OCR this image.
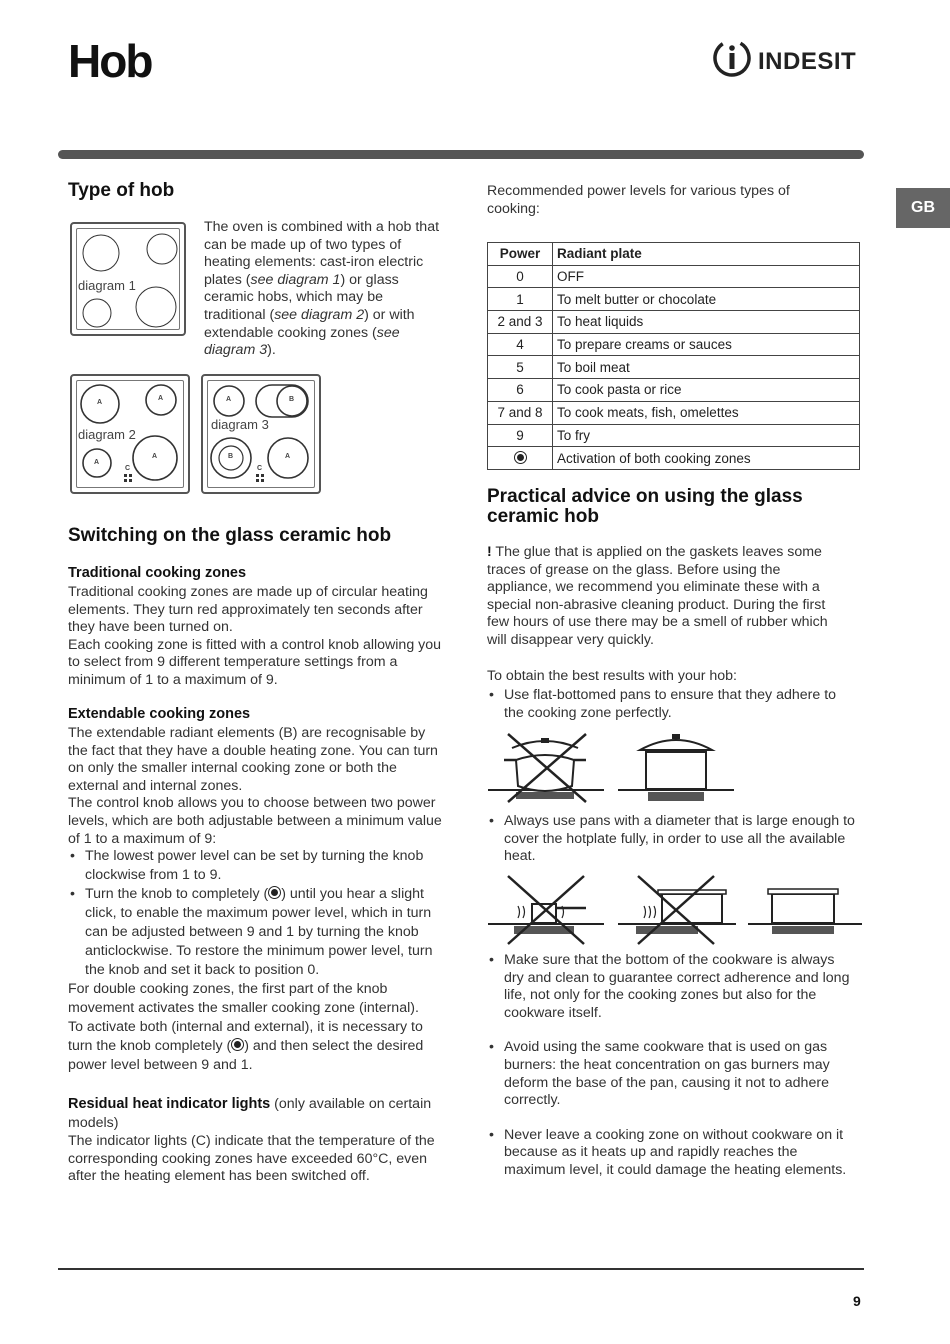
Hob	INDESIT
GB
Type of hob
diagram 1
A
A
A
A
C
diagram 2
A	B
B	A
C
diagram 3
The oven is combined with a hob that can be made up of two types of heating elements: cast-iron electric plates (see diagram 1) or glass ceramic hobs, which may be traditional (see diagram 2) or with extendable cooking zones (see diagram 3).
Switching on the glass ceramic hob
Traditional cooking zones
Traditional cooking zones are made up of circular heating elements. They turn red approximately ten seconds after they have been turned on.
Each cooking zone is fitted with a control knob allowing you to select from 9 different temperature settings from a minimum of 1 to a maximum of 9.
Extendable cooking zones
The extendable radiant elements (B) are recognisable by the fact that they have a double heating zone. You can turn on only the smaller internal cooking zone or both the external and internal zones.
The control knob allows you to choose between two power levels, which are both adjustable between a minimum value of 1 to a maximum of 9:
• The lowest power level can be set by turning the knob clockwise from 1 to 9.
• Turn the knob to completely ( ) until you hear a slight click, to enable the maximum power level, which in turn can be adjusted between 9 and 1 by turning the knob anticlockwise. To restore the minimum power level, turn the knob and set it back to position 0.
For double cooking zones, the first part of the knob movement activates the smaller cooking zone (internal).
To activate both (internal and external), it is necessary to turn the knob completely ( ) and then select the desired power level between 9 and 1.
Residual heat indicator lights (only available on certain models)
The indicator lights (C) indicate that the temperature of the corresponding cooking zones have exceeded 60°C, even after the heating element has been switched off.
Recommended power levels for various types of cooking:
Power	Radiant plate
0	OFF
1	To melt butter or chocolate
2 and 3	To heat liquids
4	To prepare creams or sauces
5	To boil meat
6	To cook pasta or rice
7 and 8	To cook meats, fish, omelettes
9	To fry
	Activation of both cooking zones
Practical advice on using the glass ceramic hob
! The glue that is applied on the gaskets leaves some traces of grease on the glass. Before using the appliance, we recommend you eliminate these with a special non-abrasive cleaning product. During the first few hours of use there may be a smell of rubber which will disappear very quickly.
To obtain the best results with your hob:
• Use flat-bottomed pans to ensure that they adhere to the cooking zone perfectly.
• Always use pans with a diameter that is large enough to cover the hotplate fully, in order to use all the available heat.
• Make sure that the bottom of the cookware is always dry and clean to guarantee correct adherence and long life, not only for the cooking zones but also for the cookware itself.
• Avoid using the same cookware that is used on gas burners: the heat concentration on gas burners may deform the base of the pan, causing it not to adhere correctly.
• Never leave a cooking zone on without cookware on it because as it heats up and rapidly reaches the maximum level, it could damage the heating elements.
9
